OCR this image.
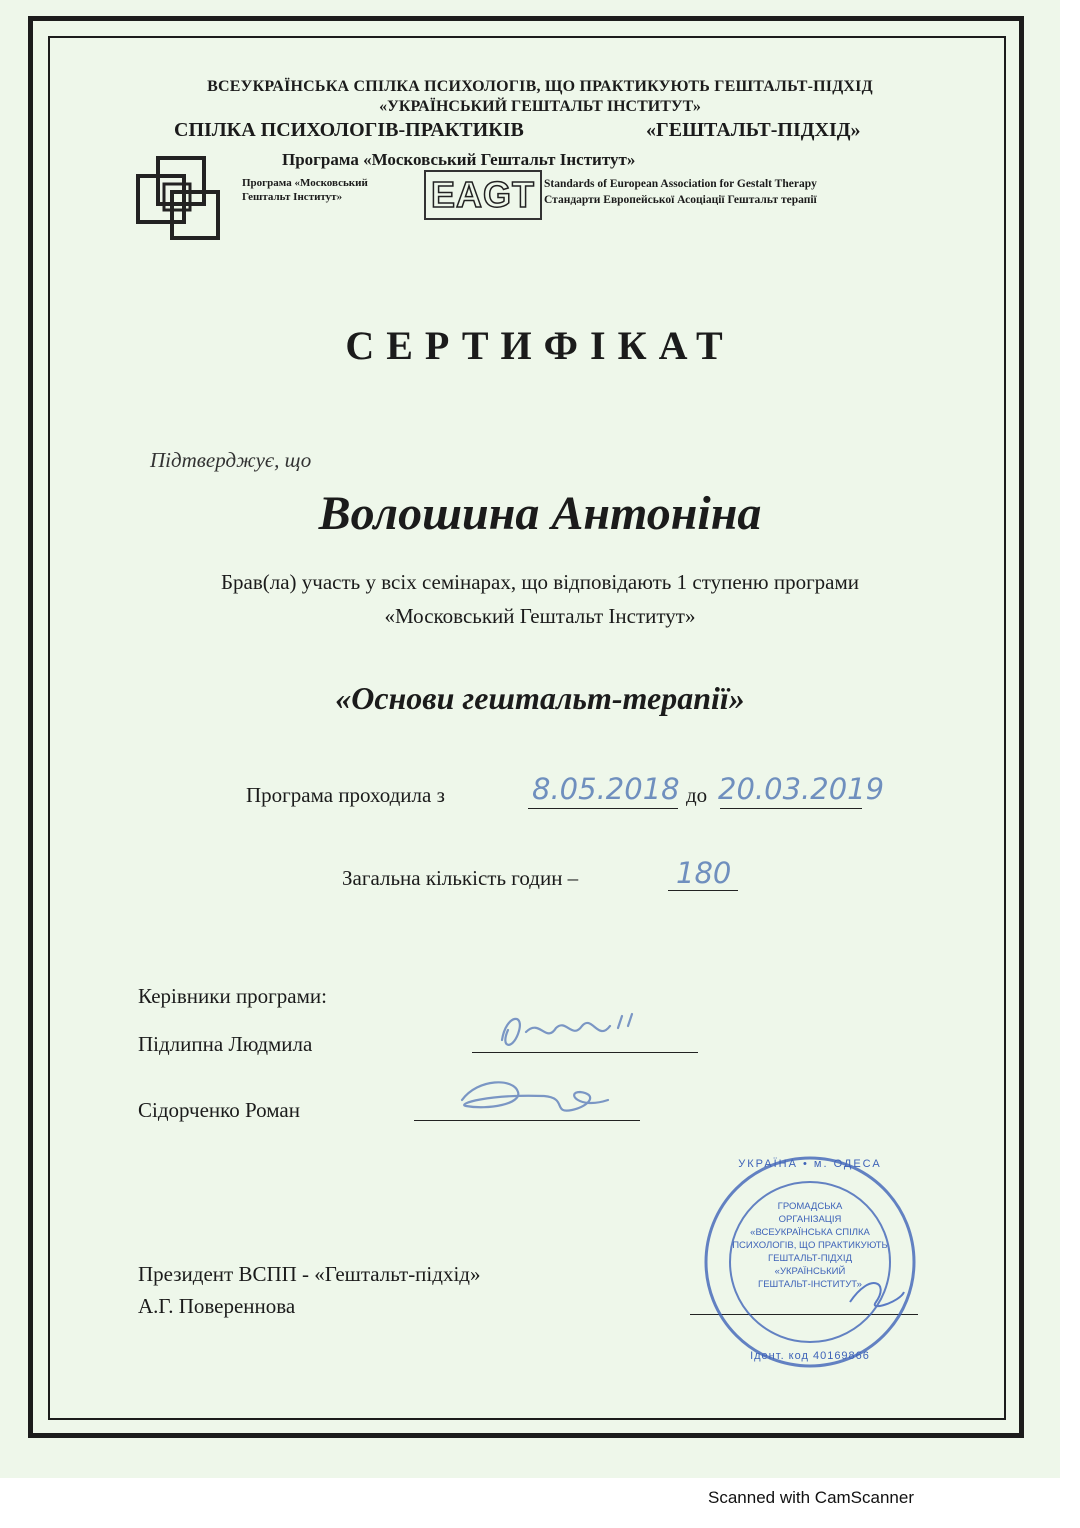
ВСЕУКРАЇНСЬКА СПІЛКА ПСИХОЛОГІВ, ЩО ПРАКТИКУЮТЬ ГЕШТАЛЬТ-ПІДХІД
«УКРАЇНСЬКИЙ ГЕШТАЛЬТ ІНСТИТУТ»
СПІЛКА ПСИХОЛОГІВ-ПРАКТИКІВ	«ГЕШТАЛЬТ-ПІДХІД»
Програма «Московський Гештальт Інститут»
Програма «Московський
Гештальт Інститут»	EAGT Standards of European Association for Gestalt Therapy
Стандарти Европейської Асоціації Гештальт терапії
СЕРТИФІКАТ
Підтверджує, що
Волошина Антоніна
Брав(ла) участь у всіх семінарах, що відповідають 1 ступеню програми
«Московський Гештальт Інститут»
«Основи гештальт-терапії»
Програма проходила з	8.05.2018 до 20.03.2019
Загальна кількість годин –	180
Керівники програми:
Підлипна Людмила
Сідорченко Роман
Президент ВСПП - «Гештальт-підхід»
А.Г. Повереннова
УКРАЇНА • м. ОДЕСА
Ідент. код 40169866
ГРОМАДСЬКА
ОРГАНІЗАЦІЯ
«ВСЕУКРАЇНСЬКА СПІЛКА
ПСИХОЛОГІВ, ЩО ПРАКТИКУЮТЬ
ГЕШТАЛЬТ-ПІДХІД
«УКРАЇНСЬКИЙ
ГЕШТАЛЬТ-ІНСТИТУТ»
Scanned with CamScanner
